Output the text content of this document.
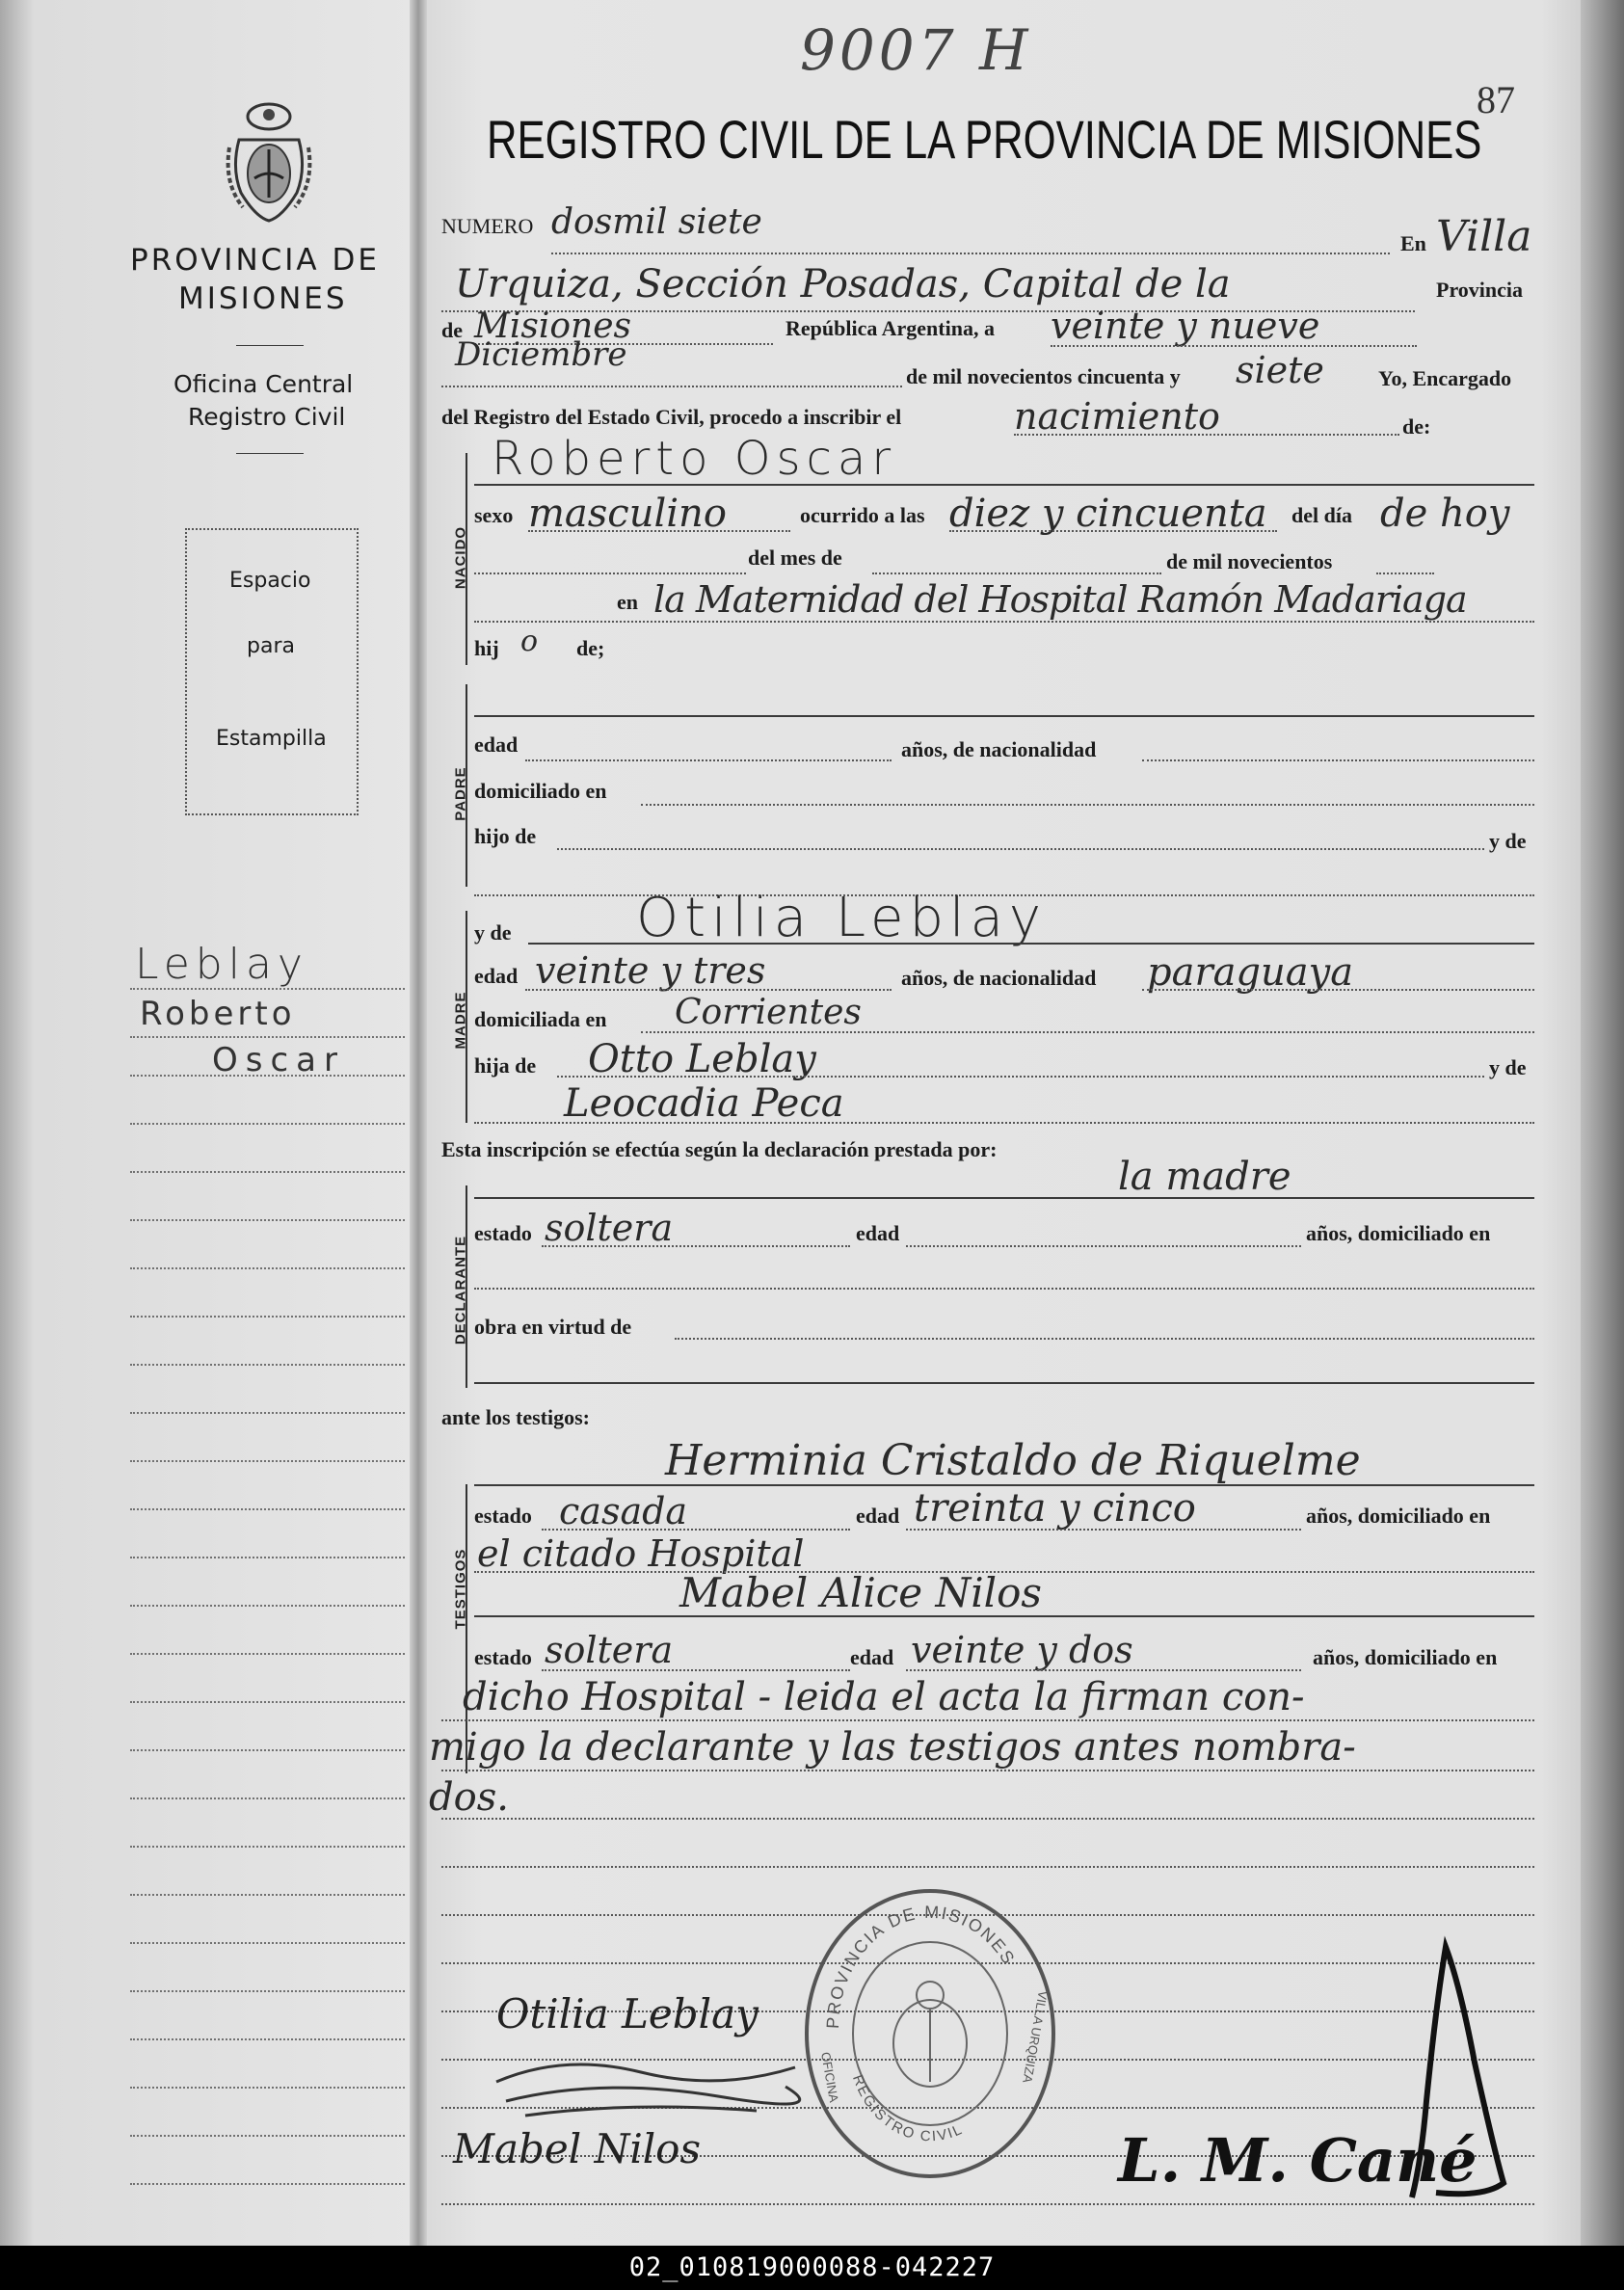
PROVINCIA DE
MISIONES
Oficina Central
Registro Civil
Espacio
para
Estampilla
Leblay
Roberto
Oscar
9007 H
87
REGISTRO CIVIL DE LA PROVINCIA DE MISIONES
NUMERO dosmil siete
En Villa
Urquiza, Sección Posadas, Capital de la	Provincia
de Misiones	República Argentina, a veinte y nueve
Diciembre
de mil novecientos cincuenta y siete	Yo, Encargado
del Registro del Estado Civil, procedo a inscribir el	nacimiento	de:
NACIDO
Roberto Oscar
sexo masculino	ocurrido a las diez y cincuenta del día de hoy
del mes de	de mil novecientos
en la Maternidad del Hospital Ramón Madariaga
hij o de;
PADRE
edad	años, de nacionalidad
domiciliado en
hijo de	y de
MADRE
y de Otilia Leblay
edad veinte y tres	años, de nacionalidad paraguaya
domiciliada en Corrientes
hija de Otto Leblay	y de
Leocadia Peca
Esta inscripción se efectúa según la declaración prestada por:
la madre
DECLARANTE
estado soltera	edad	años, domiciliado en
obra en virtud de
ante los testigos:
Herminia Cristaldo de Riquelme
TESTIGOS
estado casada	edad treinta y cinco	años, domiciliado en
el citado Hospital
Mabel Alice Nilos
estado soltera	edad veinte y dos	años, domiciliado en
dicho Hospital - leida el acta la firman con-
migo la declarante y las testigos antes nombra-
dos.
Otilia Leblay
Mabel Nilos
PROVINCIA DE MISIONES
REGISTRO CIVIL
OFICINA	VILLA URQUIZA
L. M. Cané
02_010819000088-042227
